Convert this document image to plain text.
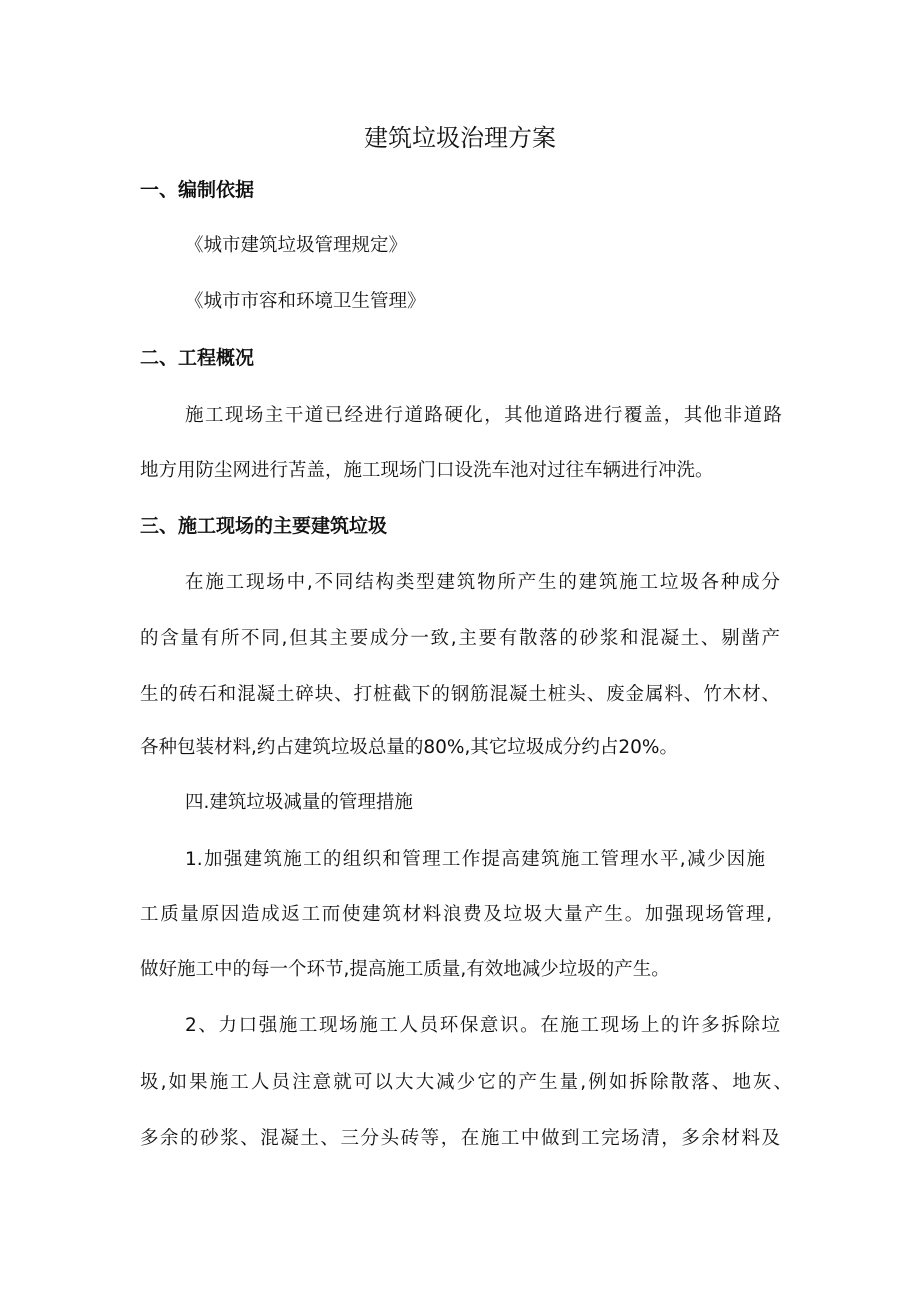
建筑垃圾治理方案

一、编制依据

《城市建筑垃圾管理规定》

《城市市容和环境卫生管理》

二、工程概况

施工现场主干道已经进行道路硬化，其他道路进行覆盖，其他非道路

地方用防尘网进行苫盖，施工现场门口设洗车池对过往车辆进行冲洗。

三、施工现场的主要建筑垃圾

在施工现场中,不同结构类型建筑物所产生的建筑施工垃圾各种成分

的含量有所不同,但其主要成分一致,主要有散落的砂浆和混凝土、剔凿产

生的砖石和混凝土碎块、打桩截下的钢筋混凝土桩头、废金属料、竹木材、

各种包装材料,约占建筑垃圾总量的80%,其它垃圾成分约占20%。

四.建筑垃圾减量的管理措施

1.加强建筑施工的组织和管理工作提高建筑施工管理水平,减少因施

工质量原因造成返工而使建筑材料浪费及垃圾大量产生。加强现场管理,

做好施工中的每一个环节,提高施工质量,有效地减少垃圾的产生。

2、力口强施工现场施工人员环保意识。在施工现场上的许多拆除垃

圾,如果施工人员注意就可以大大减少它的产生量,例如拆除散落、地灰、

多余的砂浆、混凝土、三分头砖等，在施工中做到工完场清，多余材料及
